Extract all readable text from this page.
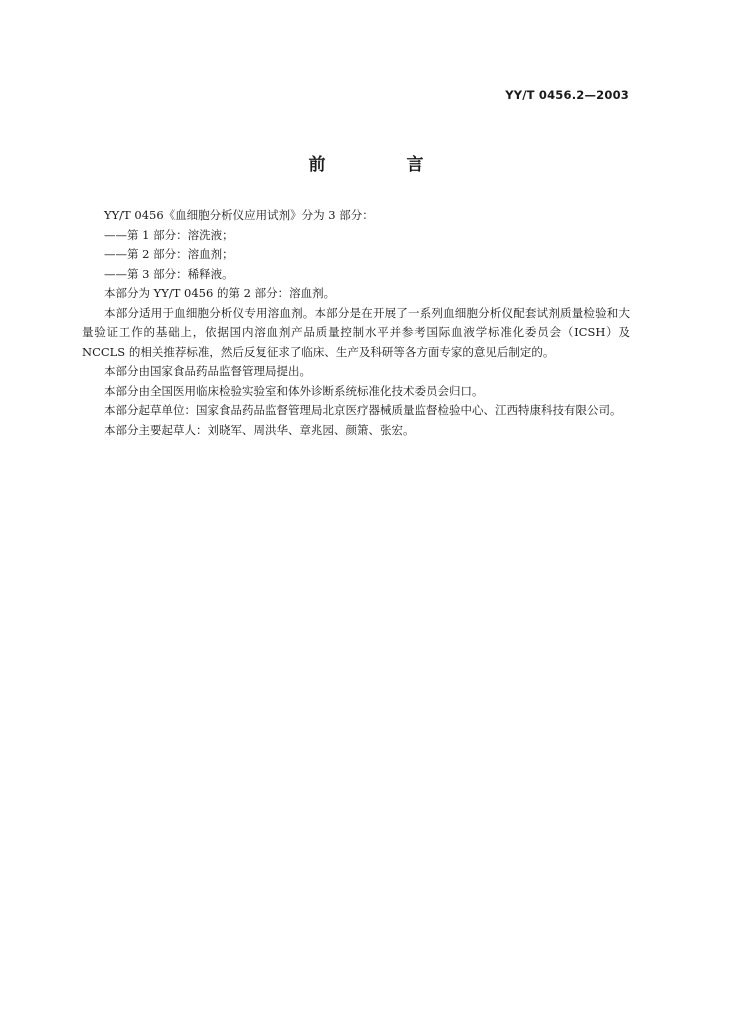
YY/T 0456.2—2003
前　言

YY/T 0456《血细胞分析仪应用试剂》分为 3 部分：

——第 1 部分：溶洗液；

——第 2 部分：溶血剂；

——第 3 部分：稀释液。

本部分为 YY/T 0456 的第 2 部分：溶血剂。

本部分适用于血细胞分析仪专用溶血剂。本部分是在开展了一系列血细胞分析仪配套试剂质量检验和大量验证工作的基础上，依据国内溶血剂产品质量控制水平并参考国际血液学标准化委员会（ICSH）及 NCCLS 的相关推荐标准，然后反复征求了临床、生产及科研等各方面专家的意见后制定的。

本部分由国家食品药品监督管理局提出。

本部分由全国医用临床检验实验室和体外诊断系统标准化技术委员会归口。

本部分起草单位：国家食品药品监督管理局北京医疗器械质量监督检验中心、江西特康科技有限公司。

本部分主要起草人：刘晓军、周洪华、章兆园、颜箫、张宏。
